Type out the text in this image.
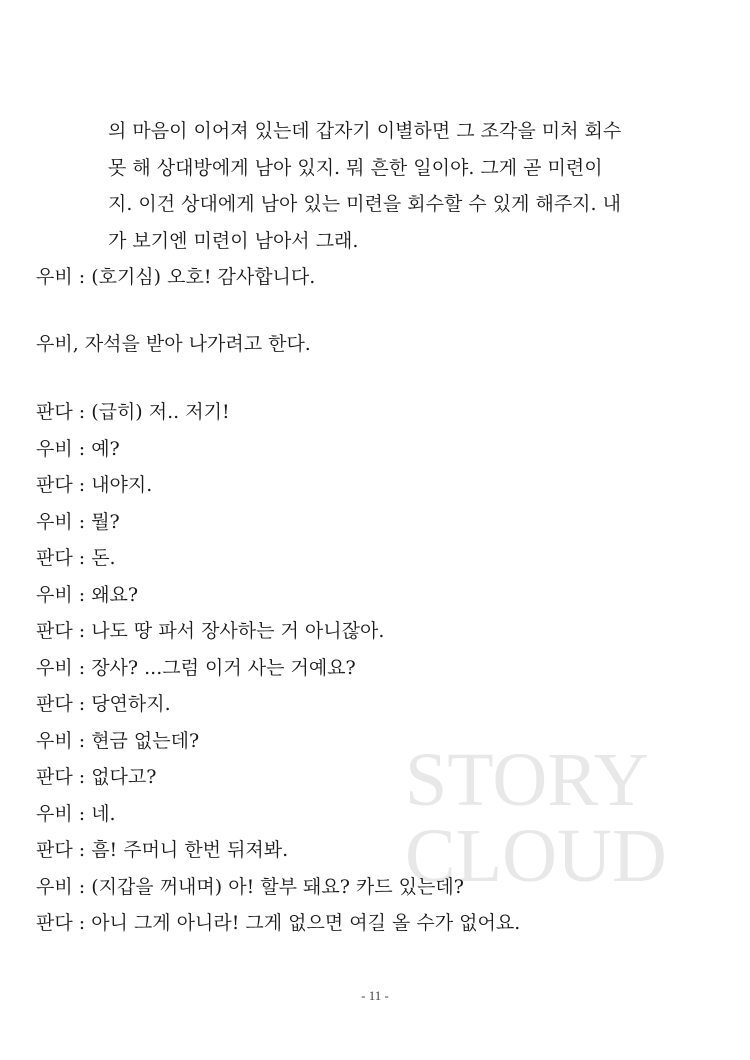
STORY
CLOUD
의 마음이 이어져 있는데 갑자기 이별하면 그 조각을 미처 회수
못 해 상대방에게 남아 있지. 뭐 흔한 일이야. 그게 곧 미련이
지. 이건 상대에게 남아 있는 미련을 회수할 수 있게 해주지. 내
가 보기엔 미련이 남아서 그래.
우비 : (호기심) 오호! 감사합니다.
우비, 자석을 받아 나가려고 한다.
판다 : (급히) 저.. 저기!
우비 : 예?
판다 : 내야지.
우비 : 뭘?
판다 : 돈.
우비 : 왜요?
판다 : 나도 땅 파서 장사하는 거 아니잖아.
우비 : 장사? ...그럼 이거 사는 거예요?
판다 : 당연하지.
우비 : 현금 없는데?
판다 : 없다고?
우비 : 네.
판다 : 흠! 주머니 한번 뒤져봐.
우비 : (지갑을 꺼내며) 아! 할부 돼요? 카드 있는데?
판다 : 아니 그게 아니라! 그게 없으면 여길 올 수가 없어요.
- 11 -
